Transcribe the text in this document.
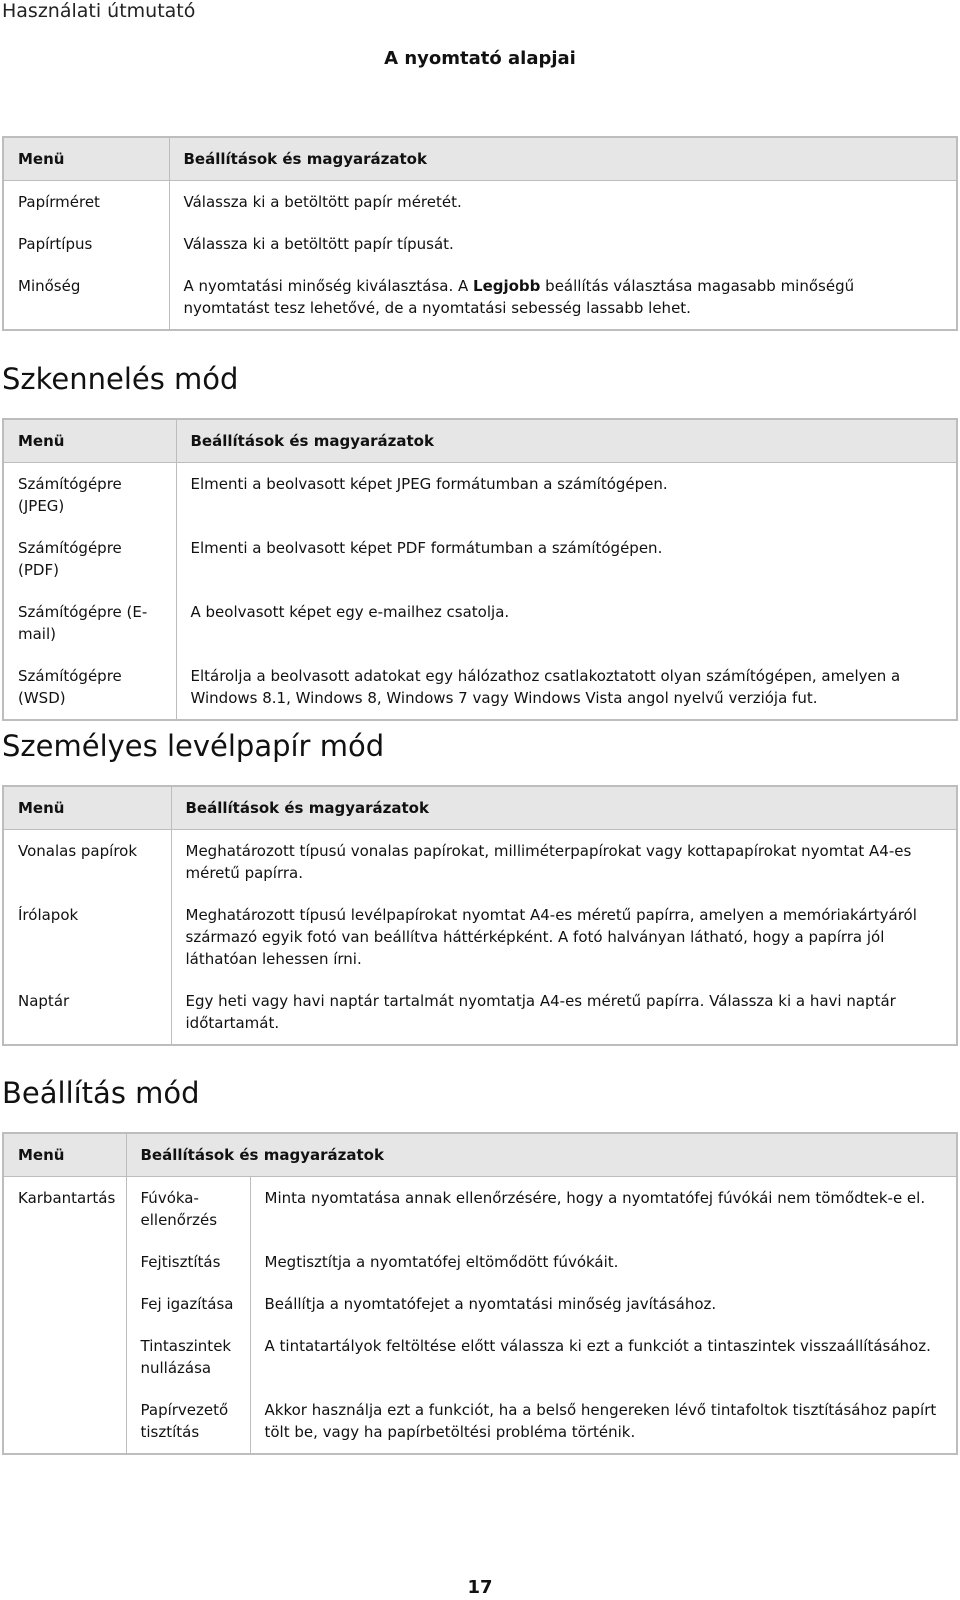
Használati útmutató
A nyomtató alapjai
Menü	Beállítások és magyarázatok
Papírméret	Válassza ki a betöltött papír méretét.
Papírtípus	Válassza ki a betöltött papír típusát.
Minőség	A nyomtatási minőség kiválasztása. A Legjobb beállítás választása magasabb minőségű nyomtatást tesz lehetővé, de a nyomtatási sebesség lassabb lehet.
Szkennelés mód
Menü	Beállítások és magyarázatok
Számítógépre (JPEG)	Elmenti a beolvasott képet JPEG formátumban a számítógépen.
Számítógépre (PDF)	Elmenti a beolvasott képet PDF formátumban a számítógépen.
Számítógépre (E-mail)	A beolvasott képet egy e-mailhez csatolja.
Számítógépre (WSD)	Eltárolja a beolvasott adatokat egy hálózathoz csatlakoztatott olyan számítógépen, amelyen a Windows 8.1, Windows 8, Windows 7 vagy Windows Vista angol nyelvű verziója fut.
Személyes levélpapír mód
Menü	Beállítások és magyarázatok
Vonalas papírok	Meghatározott típusú vonalas papírokat, milliméterpapírokat vagy kottapapírokat nyomtat A4-es méretű papírra.
Írólapok	Meghatározott típusú levélpapírokat nyomtat A4-es méretű papírra, amelyen a memóriakártyáról származó egyik fotó van beállítva háttérképként. A fotó halványan látható, hogy a papírra jól láthatóan lehessen írni.
Naptár	Egy heti vagy havi naptár tartalmát nyomtatja A4-es méretű papírra. Válassza ki a havi naptár időtartamát.
Beállítás mód
Menü	Beállítások és magyarázatok	
Karbantartás	Fúvóka-ellenőrzés	Minta nyomtatása annak ellenőrzésére, hogy a nyomtatófej fúvókái nem tömődtek-e el.
	Fejtisztítás	Megtisztítja a nyomtatófej eltömődött fúvókáit.
	Fej igazítása	Beállítja a nyomtatófejet a nyomtatási minőség javításához.
	Tintaszintek nullázása	A tintatartályok feltöltése előtt válassza ki ezt a funkciót a tintaszintek visszaállításához.
	Papírvezető tisztítás	Akkor használja ezt a funkciót, ha a belső hengereken lévő tintafoltok tisztításához papírt tölt be, vagy ha papírbetöltési probléma történik.
17
